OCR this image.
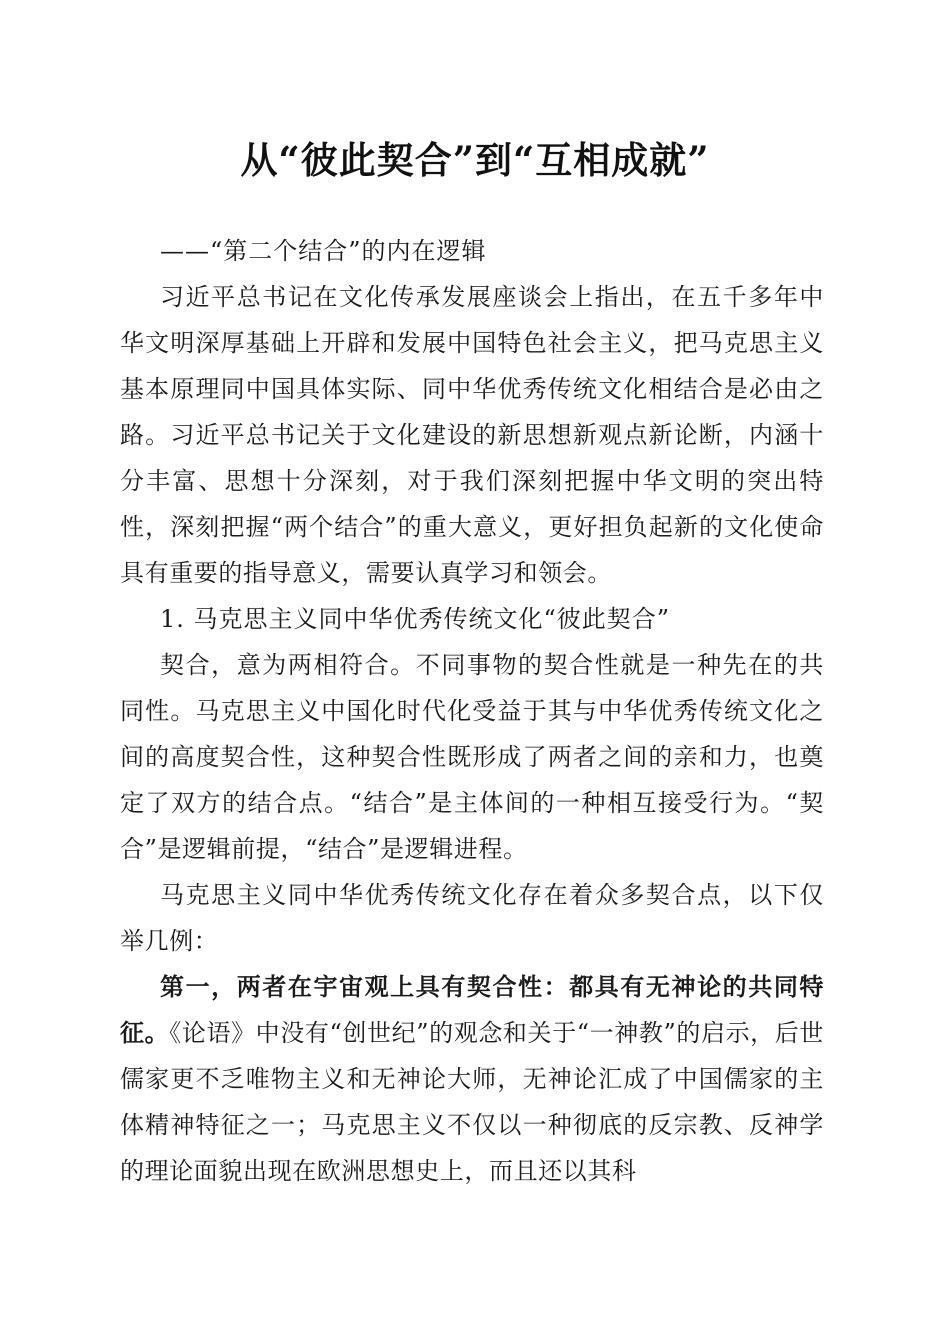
从“彼此契合”到“互相成就”

——“第二个结合”的内在逻辑

习近平总书记在文化传承发展座谈会上指出，在五千多年中华文明深厚基础上开辟和发展中国特色社会主义，把马克思主义基本原理同中国具体实际、同中华优秀传统文化相结合是必由之路。习近平总书记关于文化建设的新思想新观点新论断，内涵十分丰富、思想十分深刻，对于我们深刻把握中华文明的突出特性，深刻把握“两个结合”的重大意义，更好担负起新的文化使命具有重要的指导意义，需要认真学习和领会。

1. 马克思主义同中华优秀传统文化“彼此契合”

契合，意为两相符合。不同事物的契合性就是一种先在的共同性。马克思主义中国化时代化受益于其与中华优秀传统文化之间的高度契合性，这种契合性既形成了两者之间的亲和力，也奠定了双方的结合点。“结合”是主体间的一种相互接受行为。“契合”是逻辑前提，“结合”是逻辑进程。

马克思主义同中华优秀传统文化存在着众多契合点，以下仅举几例：

第一，两者在宇宙观上具有契合性：都具有无神论的共同特征。《论语》中没有“创世纪”的观念和关于“一神教”的启示，后世儒家更不乏唯物主义和无神论大师，无神论汇成了中国儒家的主体精神特征之一；马克思主义不仅以一种彻底的反宗教、反神学的理论面貌出现在欧洲思想史上，而且还以其科
